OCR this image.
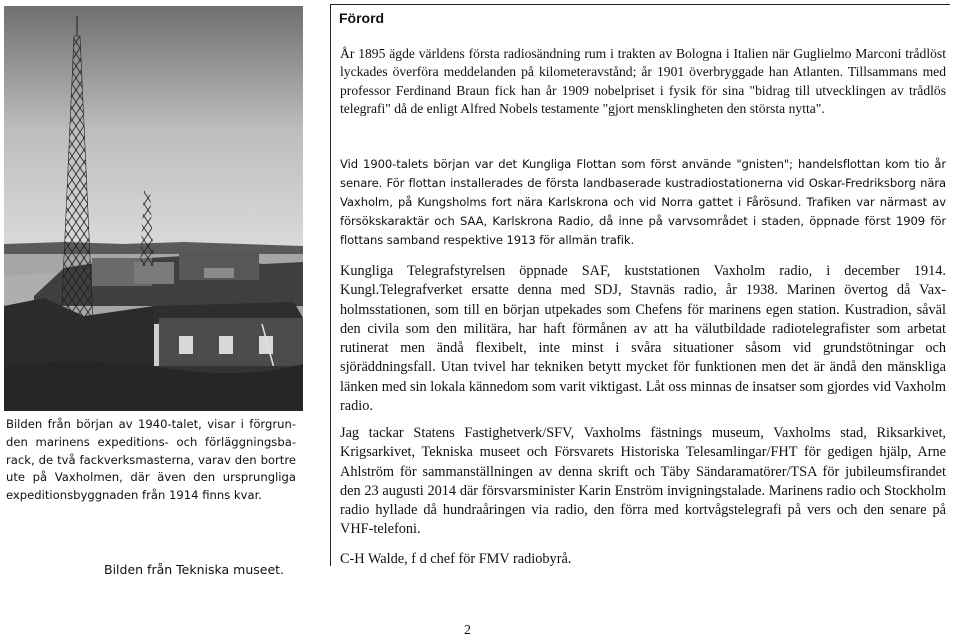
Bilden från början av 1940-talet, visar i förgrunden marinens expeditions- och förläggningsbarack, de två fackverksmasterna, varav den bortre ute på Vaxholmen, där även den ursprungliga expeditionsbyggnaden från 1914 finns kvar.
Bilden från Tekniska museet.
Förord

År 1895 ägde världens första radiosändning rum i trakten av Bologna i Italien när Guglielmo Marconi trådlöst lyckades överföra meddelanden på kilometeravstånd; år 1901 överbryggade han Atlanten. Tillsammans med professor Ferdinand Braun fick han år 1909 nobelpriset i fysik för sina "bidrag till utvecklingen av trådlös telegrafi" då de enligt Alfred Nobels testamente "gjort mensklingheten den största nytta".

Vid 1900-talets början var det Kungliga Flottan som först använde "gnisten"; handelsflottan kom tio år senare. För flottan installerades de första landbaserade kustradiostationerna vid Oskar-Fredriksborg nära Vaxholm, på Kungsholms fort nära Karlskrona och vid Norra gattet i Fårösund. Trafiken var närmast av försökskaraktär och SAA, Karlskrona Radio, då inne på varvsområdet i staden, öppnade först 1909 för flottans samband respektive 1913 för allmän trafik.

Kungliga Telegrafstyrelsen öppnade SAF, kuststationen Vaxholm radio, i december 1914. Kungl.Telegrafverket ersatte denna med SDJ, Stavnäs radio, år 1938. Marinen övertog då Vaxholmsstationen, som till en början utpekades som Chefens för marinens egen station. Kustradion, såväl den civila som den militära, har haft förmånen av att ha välutbildade radiotelegrafister som arbetat rutinerat men ändå flexibelt, inte minst i svåra situationer såsom vid grundstötningar och sjöräddningsfall. Utan tvivel har tekniken betytt mycket för funktionen men det är ändå den mänskliga länken med sin lokala kännedom som varit viktigast. Låt oss minnas de insatser som gjordes vid Vaxholm radio.

Jag tackar Statens Fastighetverk/SFV, Vaxholms fästnings museum, Vaxholms stad, Riksarkivet, Krigsarkivet, Tekniska museet och Försvarets Historiska Telesamlingar/FHT för gedigen hjälp, Arne Ahlström för sammanställningen av denna skrift och Täby Sändaramatörer/TSA för jubileumsfirandet den 23 augusti 2014 där försvarsminister Karin Enström invigningstalade. Marinens radio och Stockholm radio hyllade då hundraåringen via radio, den förra med kortvågstelegrafi på vers och den senare på VHF-telefoni.

C-H Walde, f d chef för FMV radiobyrå.

2
